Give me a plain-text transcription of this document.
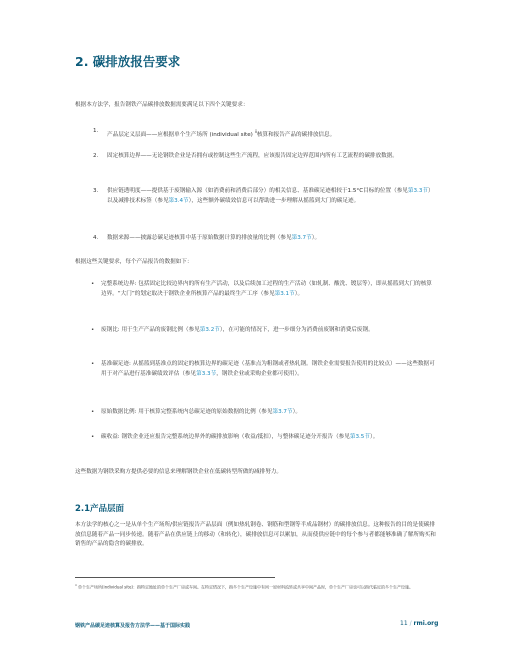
2. 碳排放报告要求
根据本方法学，报告钢铁产品碳排放数据需要满足以下四个关键要求：
1.
产品层定义层面——应根据单个生产场所 (individual site) $^{ii}$核算和报告产品的碳排放信息。
2. 固定核算边界——无论钢铁企业是否拥有或控制这些生产流程，应该报告固定边界范围内所有工艺流程的碳排放数据。
3. 供应链透明度——提供基于废钢输入源（如消费前和消费后部分）的相关信息、基准碳足迹相较于1.5°C目标的位置（参见第3.3节）以及减排技术标签（参见第3.4节），这些额外碳绩效信息可以帮助进一步理解从摇篮到大门的碳足迹。
4. 数据来源——披露总碳足迹核算中基于原始数据计算的排放量的比例（参见第3.7节）。
根据这些关键要求，每个产品报告的数据如下：
• 完整系统边界: 包括固定比较边界内的所有生产活动，以及后续加工过程的生产活动（如轧制、酸洗、镀层等），即从摇篮到大门的核算边界。“大门”的划定取决于钢铁企业所核算产品的最终生产工序（参见第3.1节）。
• 废钢比: 用于生产产品的废钢比例（参见第3.2节），在可能的情况下，进一步细分为消费前废钢和消费后废钢。
• 基准碳足迹: 从摇篮到基准点的固定的核算边界的碳足迹（基准点为粗钢或者热轧钢。钢铁企业需要报告使用的比较点）——这些数据可用于对产品进行基准碳绩效评估（参见第3.3节，钢铁企业或采购企业都可使用）。
• 原始数据比例: 用于核算完整系统内总碳足迹的原始数据的比例（参见第3.7节）。
• 碳收益: 钢铁企业还应报告完整系统边界外的碳排放影响（收益/抵扣），与整体碳足迹分开报告（参见第3.5节）。
这些数据为钢铁采购方提供必要的信息来理解钢铁企业在低碳转型所做的减排努力。
2.1产品层面
本方法学的核心之一是从单个生产场所/供应链报告产品层面（例如热轧钢卷、钢筋和型钢等半成品钢材）的碳排放信息。这种报告的目的是使碳排放信息随着产品一同步传递。随着产品在供应链上的移动（和转化），碳排放信息可以累加，从而使供应链中的每个参与者都能够准确了解所购买和销售的产品的隐含的碳排放。
$^{ii}$ 单个生产场所(individual site)：指特定地址的单个生产厂房或车间。在特定情况下，指多个生产设施中有同一原材料流转或共享中间产品时，单个生产厂房也可以指代临近的多个生产设施。
钢铁产品碳足迹核算及报告方法学——基于国际实践	11 / rmi.org
